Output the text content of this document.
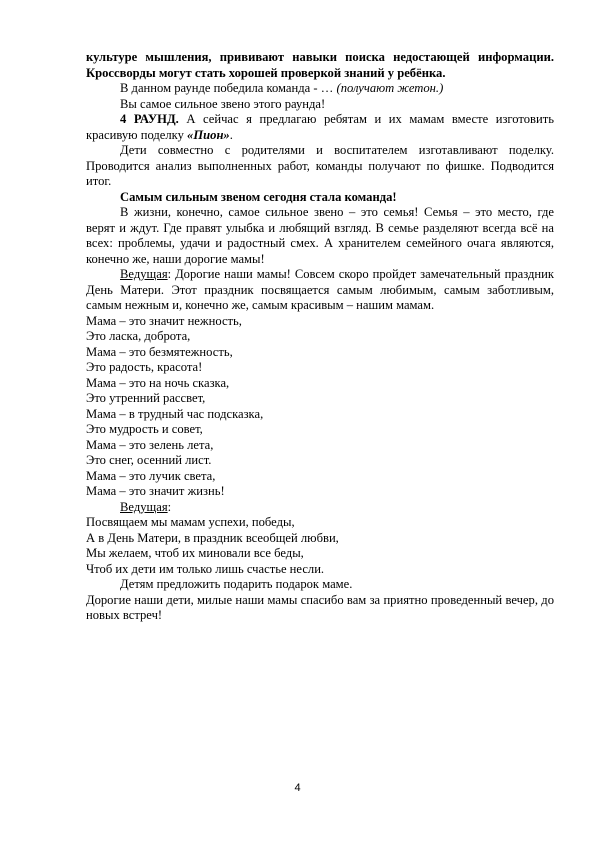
культуре мышления, прививают навыки поиска недостающей информации.

Кроссворды могут стать хорошей проверкой знаний у ребёнка.

В данном раунде победила команда - … (получают жетон.)

Вы самое сильное звено этого раунда!

4 РАУНД. А сейчас я предлагаю ребятам и их мамам вместе изготовить красивую поделку «Пион».

Дети совместно с родителями и воспитателем изготавливают поделку. Проводится анализ выполненных работ, команды получают по фишке. Подводится итог.

Самым сильным звеном сегодня стала команда!

В жизни, конечно, самое сильное звено – это семья! Семья – это место, где верят и ждут. Где правят улыбка и любящий взгляд. В семье разделяют всегда всё на всех: проблемы, удачи и радостный смех. А хранителем семейного очага являются, конечно же, наши дорогие мамы!

Ведущая: Дорогие наши мамы! Совсем скоро пройдет замечательный праздник День Матери. Этот праздник посвящается самым любимым, самым заботливым, самым нежным и, конечно же, самым красивым – нашим мамам.

Мама – это значит нежность,

Это ласка, доброта,

Мама – это безмятежность,

Это радость, красота!

Мама – это на ночь сказка,

Это утренний рассвет,

Мама – в трудный час подсказка,

Это мудрость и совет,

Мама – это зелень лета,

Это снег, осенний лист.

Мама – это лучик света,

Мама – это значит жизнь!

Ведущая:

Посвящаем мы мамам успехи, победы,

А в День Матери, в праздник всеобщей любви,

Мы желаем, чтоб их миновали все беды,

Чтоб их дети им только лишь счастье несли.

Детям предложить подарить подарок маме.

Дорогие наши дети, милые наши мамы спасибо вам за приятно проведенный вечер, до новых встреч!

4
